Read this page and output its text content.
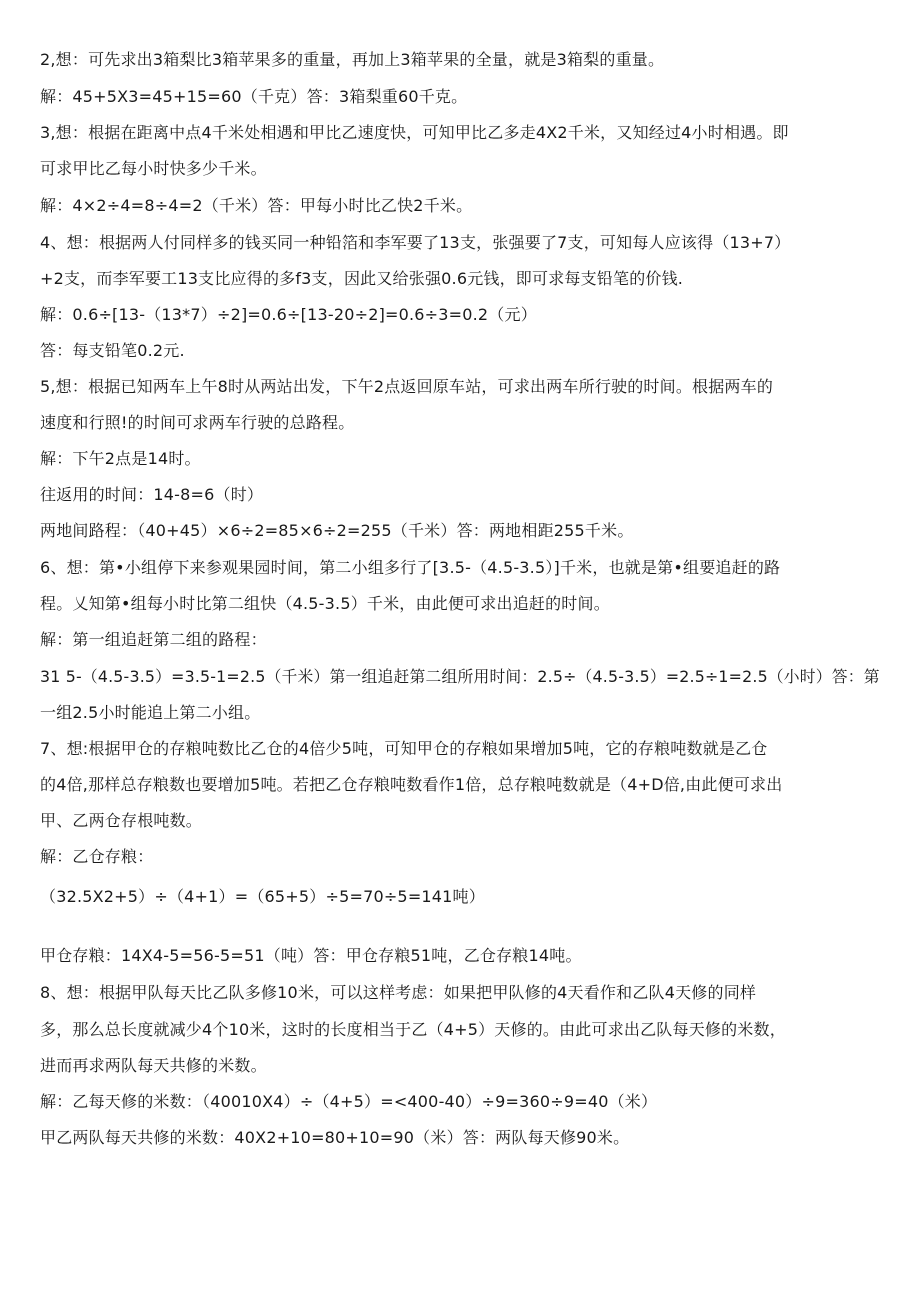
2,想：可先求出3箱梨比3箱苹果多的重量，再加上3箱苹果的全量，就是3箱梨的重量。
解：45+5X3=45+15=60（千克）答：3箱梨重60千克。
3,想：根据在距离中点4千米处相遇和甲比乙速度快，可知甲比乙多走4X2千米，又知经过4小时相遇。即
可求甲比乙每小时快多少千米。
解：4×2÷4=8÷4=2（千米）答：甲每小时比乙快2千米。
4、想：根据两人付同样多的钱买同一种铅箔和李军要了13支，张强要了7支，可知每人应该得（13+7）
+2支，而李军要工13支比应得的多f3支，因此又给张强0.6元钱，即可求每支铅笔的价钱.
解：0.6÷[13-（13*7）÷2]=0.6÷[13-20÷2]=0.6÷3=0.2（元）
答：每支铅笔0.2元.
5,想：根据已知两车上午8时从两站出发，下午2点返回原车站，可求出两车所行驶的时间。根据两车的
速度和行照!的时间可求两车行驶的总路程。
解：下午2点是14时。
往返用的时间：14-8=6（时）
两地间路程：（40+45）×6÷2=85×6÷2=255（千米）答：两地相距255千米。
6、想：第•小组停下来参观果园时间，第二小组多行了[3.5-（4.5-3.5）]千米，也就是第•组要追赶的路
程。乂知第•组每小时比第二组快（4.5-3.5）千米，由此便可求出追赶的时间。
解：第一组追赶第二组的路程：
31 5-（4.5-3.5）=3.5-1=2.5（千米）第一组追赶第二组所用时间：2.5÷（4.5-3.5）=2.5÷1=2.5（小时）答：第
一组2.5小时能追上第二小组。
7、想:根据甲仓的存粮吨数比乙仓的4倍少5吨，可知甲仓的存粮如果增加5吨，它的存粮吨数就是乙仓
的4倍,那样总存粮数也要增加5吨。若把乙仓存粮吨数看作1倍，总存粮吨数就是（4+D倍,由此便可求出
甲、乙两仓存根吨数。
解：乙仓存粮：
（32.5X2+5）÷（4+1）=（65+5）÷5=70÷5=141吨）
甲仓存粮：14X4-5=56-5=51（吨）答：甲仓存粮51吨，乙仓存粮14吨。
8、想：根据甲队每天比乙队多修10米，可以这样考虑：如果把甲队修的4天看作和乙队4天修的同样
多，那么总长度就减少4个10米，这时的长度相当于乙（4+5）天修的。由此可求出乙队每天修的米数，
进而再求两队每天共修的米数。
解：乙每天修的米数：（40010X4）÷（4+5）=<400-40）÷9=360÷9=40（米）
甲乙两队每天共修的米数：40X2+10=80+10=90（米）答：两队每天修90米。
